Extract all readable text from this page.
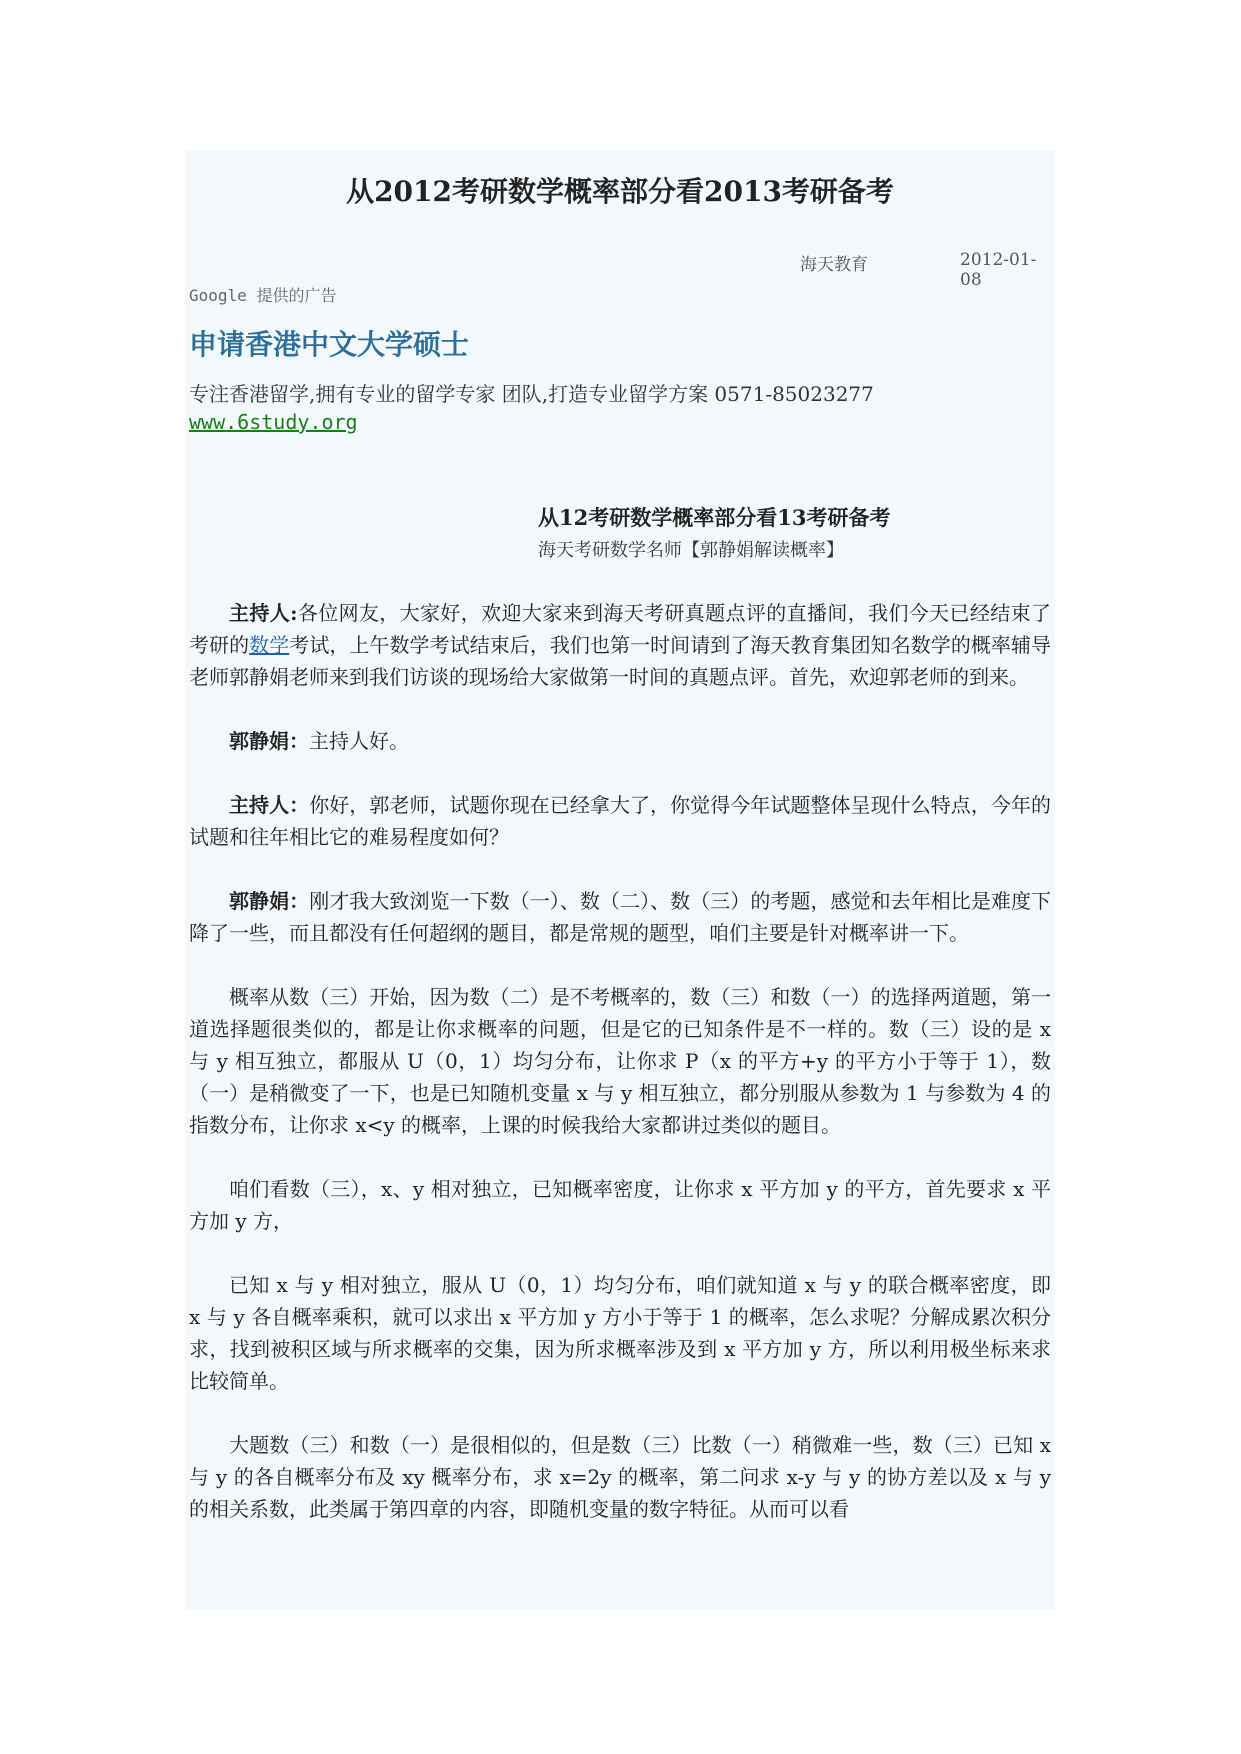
从2012考研数学概率部分看2013考研备考
海天教育	2012-01-08
Google 提供的广告
申请香港中文大学硕士
专注香港留学,拥有专业的留学专家 团队,打造专业留学方案 0571-85023277
www.6study.org
从12考研数学概率部分看13考研备考
海天考研数学名师【郭静娟解读概率】

主持人:各位网友，大家好，欢迎大家来到海天考研真题点评的直播间，我们今天已经结束了考研的数学考试，上午数学考试结束后，我们也第一时间请到了海天教育集团知名数学的概率辅导老师郭静娟老师来到我们访谈的现场给大家做第一时间的真题点评。首先，欢迎郭老师的到来。

郭静娟：主持人好。

主持人：你好，郭老师，试题你现在已经拿大了，你觉得今年试题整体呈现什么特点，今年的试题和往年相比它的难易程度如何？

郭静娟：刚才我大致浏览一下数（一）、数（二）、数（三）的考题，感觉和去年相比是难度下降了一些，而且都没有任何超纲的题目，都是常规的题型，咱们主要是针对概率讲一下。

概率从数（三）开始，因为数（二）是不考概率的，数（三）和数（一）的选择两道题，第一道选择题很类似的，都是让你求概率的问题，但是它的已知条件是不一样的。数（三）设的是 x 与 y 相互独立，都服从 U（0，1）均匀分布，让你求 P（x 的平方+y 的平方小于等于 1），数（一）是稍微变了一下，也是已知随机变量 x 与 y 相互独立，都分别服从参数为 1 与参数为 4 的指数分布，让你求 x<y 的概率，上课的时候我给大家都讲过类似的题目。

咱们看数（三），x、y 相对独立，已知概率密度，让你求 x 平方加 y 的平方，首先要求 x 平方加 y 方，

已知 x 与 y 相对独立，服从 U（0，1）均匀分布，咱们就知道 x 与 y 的联合概率密度，即 x 与 y 各自概率乘积，就可以求出 x 平方加 y 方小于等于 1 的概率，怎么求呢？分解成累次积分求，找到被积区域与所求概率的交集，因为所求概率涉及到 x 平方加 y 方，所以利用极坐标来求比较简单。

大题数（三）和数（一）是很相似的，但是数（三）比数（一）稍微难一些，数（三）已知 x 与 y 的各自概率分布及 xy 概率分布，求 x=2y 的概率，第二问求 x-y 与 y 的协方差以及 x 与 y 的相关系数，此类属于第四章的内容，即随机变量的数字特征。从而可以看
